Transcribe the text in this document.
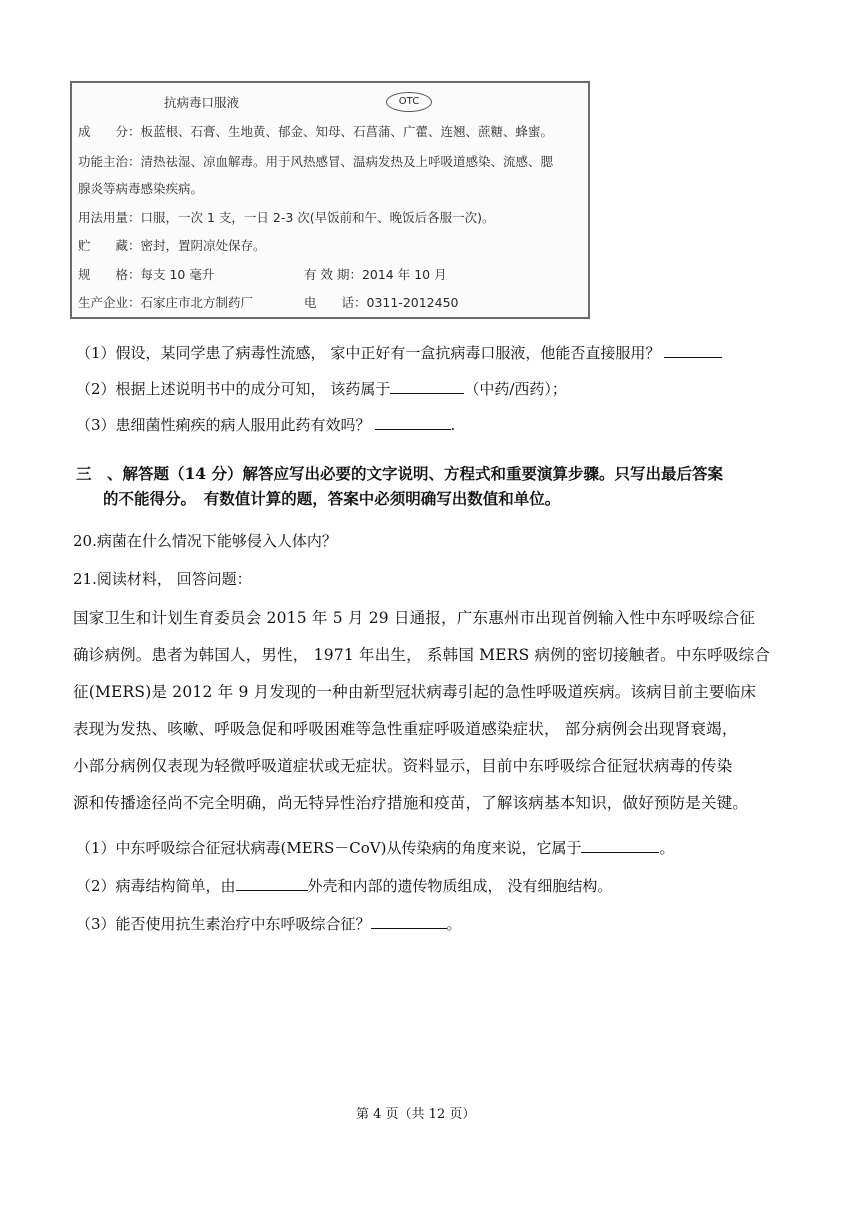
抗病毒口服液	OTC
成　　分：板蓝根、石膏、生地黄、郁金、知母、石菖蒲、广藿、连翘、蔗糖、蜂蜜。
功能主治：清热祛湿、凉血解毒。用于风热感冒、温病发热及上呼吸道感染、流感、腮
腺炎等病毒感染疾病。
用法用量：口服，一次 1 支，一日 2-3 次(早饭前和午、晚饭后各服一次)。
贮　　藏：密封，置阴凉处保存。
规　　格：每支 10 毫升	有 效 期：2014 年 10 月
生产企业：石家庄市北方制药厂	电　　话：0311-2012450
（1）假设，某同学患了病毒性流感， 家中正好有一盒抗病毒口服液，他能否直接服用？
（2）根据上述说明书中的成分可知， 该药属于	（中药/西药）；
（3）患细菌性痢疾的病人服用此药有效吗？	.
三　、解答题（14 分）解答应写出必要的文字说明、方程式和重要演算步骤。只写出最后答案
的不能得分。　有数值计算的题，答案中必须明确写出数值和单位。
20.病菌在什么情况下能够侵入人体内？
21.阅读材料， 回答问题：
国家卫生和计划生育委员会 2015 年 5 月 29 日通报，广东惠州市出现首例输入性中东呼吸综合征
确诊病例。患者为韩国人，男性， 1971 年出生， 系韩国 MERS 病例的密切接触者。中东呼吸综合
征(MERS)是 2012 年 9 月发现的一种由新型冠状病毒引起的急性呼吸道疾病。该病目前主要临床
表现为发热、咳嗽、呼吸急促和呼吸困难等急性重症呼吸道感染症状， 部分病例会出现肾衰竭，
小部分病例仅表现为轻微呼吸道症状或无症状。资料显示，目前中东呼吸综合征冠状病毒的传染
源和传播途径尚不完全明确，尚无特异性治疗措施和疫苗，了解该病基本知识，做好预防是关键。
（1）中东呼吸综合征冠状病毒(MERS－CoV)从传染病的角度来说，它属于	。
（2）病毒结构简单，由	外壳和内部的遗传物质组成， 没有细胞结构。
（3）能否使用抗生素治疗中东呼吸综合征？	。
第 4 页（共 12 页）
